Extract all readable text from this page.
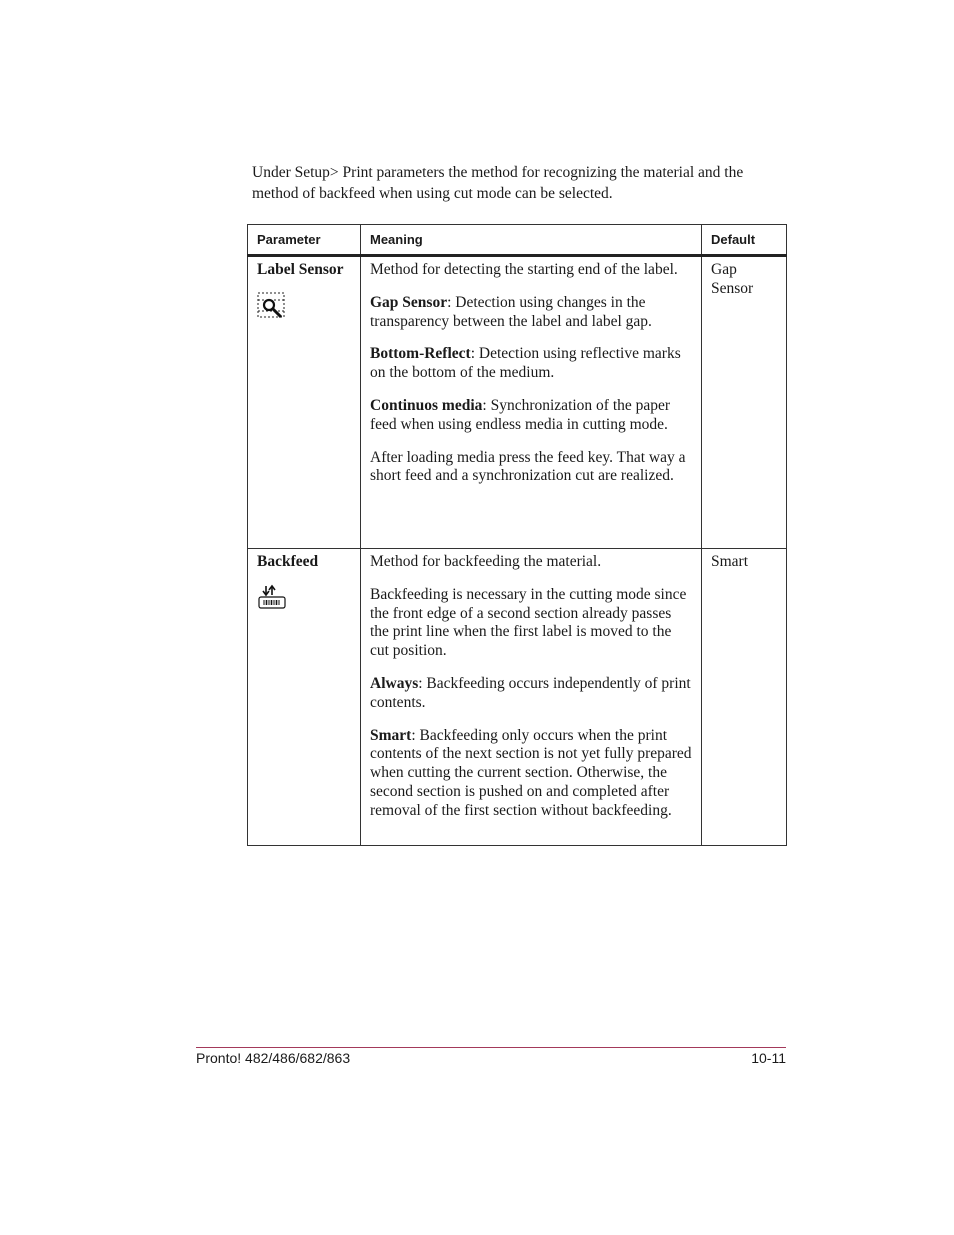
Under Setup> Print parameters the method for recognizing the material and the method of backfeed when using cut mode can be selected.

Parameter	Meaning	Default

Label Sensor	Method for detecting the starting end of the label.

Gap Sensor: Detection using changes in the transparency between the label and label gap.

Bottom-Reflect: Detection using reflective marks on the bottom of the medium.

Continuos media: Synchronization of the paper feed when using endless media in cutting mode.

After loading media press the feed key. That way a short feed and a synchronization cut are realized.	Gap Sensor

Backfeed	Method for backfeeding the material.

Backfeeding is necessary in the cutting mode since the front edge of a second section already passes the print line when the first label is moved to the cut position.

Always: Backfeeding occurs independently of print contents.

Smart: Backfeeding only occurs when the print contents of the next section is not yet fully prepared when cutting the current section. Otherwise, the second section is pushed on and completed after removal of the first section without backfeeding.	Smart
Pronto! 482/486/682/863	10-11
